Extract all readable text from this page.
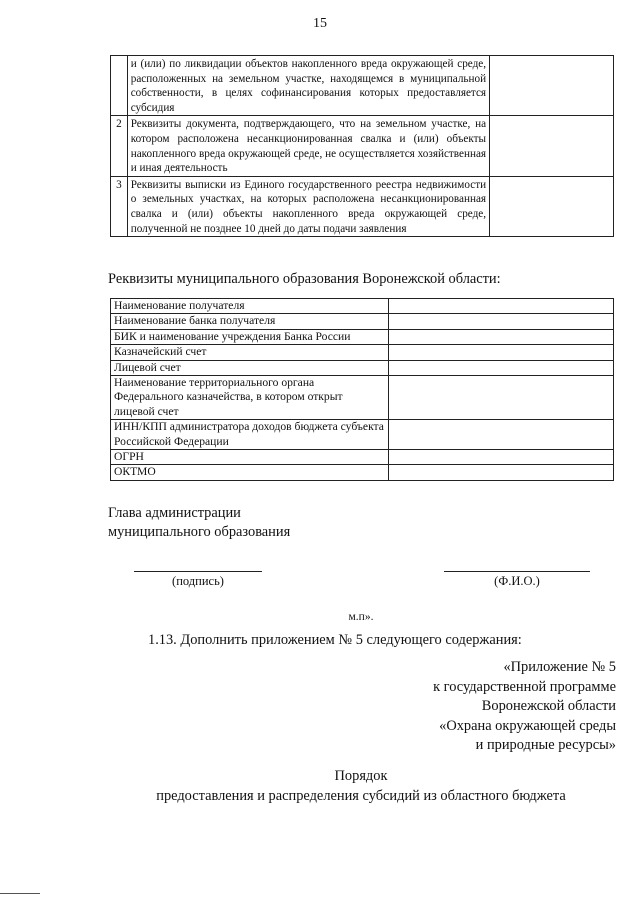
15
	и (или) по ликвидации объектов накопленного вреда окружающей среде, расположенных на земельном участке, находящемся в муниципальной собственности, в целях софинансирования которых предоставляется субсидия	
2	Реквизиты документа, подтверждающего, что на земельном участке, на котором расположена несанкционированная свалка и (или) объекты накопленного вреда окружающей среде, не осуществляется хозяйственная и иная деятельность	
3	Реквизиты выписки из Единого государственного реестра недвижимости о земельных участках, на которых расположена несанкционированная свалка и (или) объекты накопленного вреда окружающей среде, полученной не позднее 10 дней до даты подачи заявления	
Реквизиты муниципального образования Воронежской области:
Наименование получателя	
Наименование банка получателя	
БИК и наименование учреждения Банка России	
Казначейский счет	
Лицевой счет	
Наименование территориального органа Федерального казначейства, в котором открыт лицевой счет	
ИНН/КПП администратора доходов бюджета субъекта Российской Федерации	
ОГРН	
ОКТМО	
Глава администрации
муниципального образования
(подпись)	(Ф.И.О.)
м.п».
1.13. Дополнить приложением № 5 следующего содержания:
«Приложение № 5
к государственной программе
Воронежской области
«Охрана окружающей среды
и природные ресурсы»
Порядок
предоставления и распределения субсидий из областного бюджета
